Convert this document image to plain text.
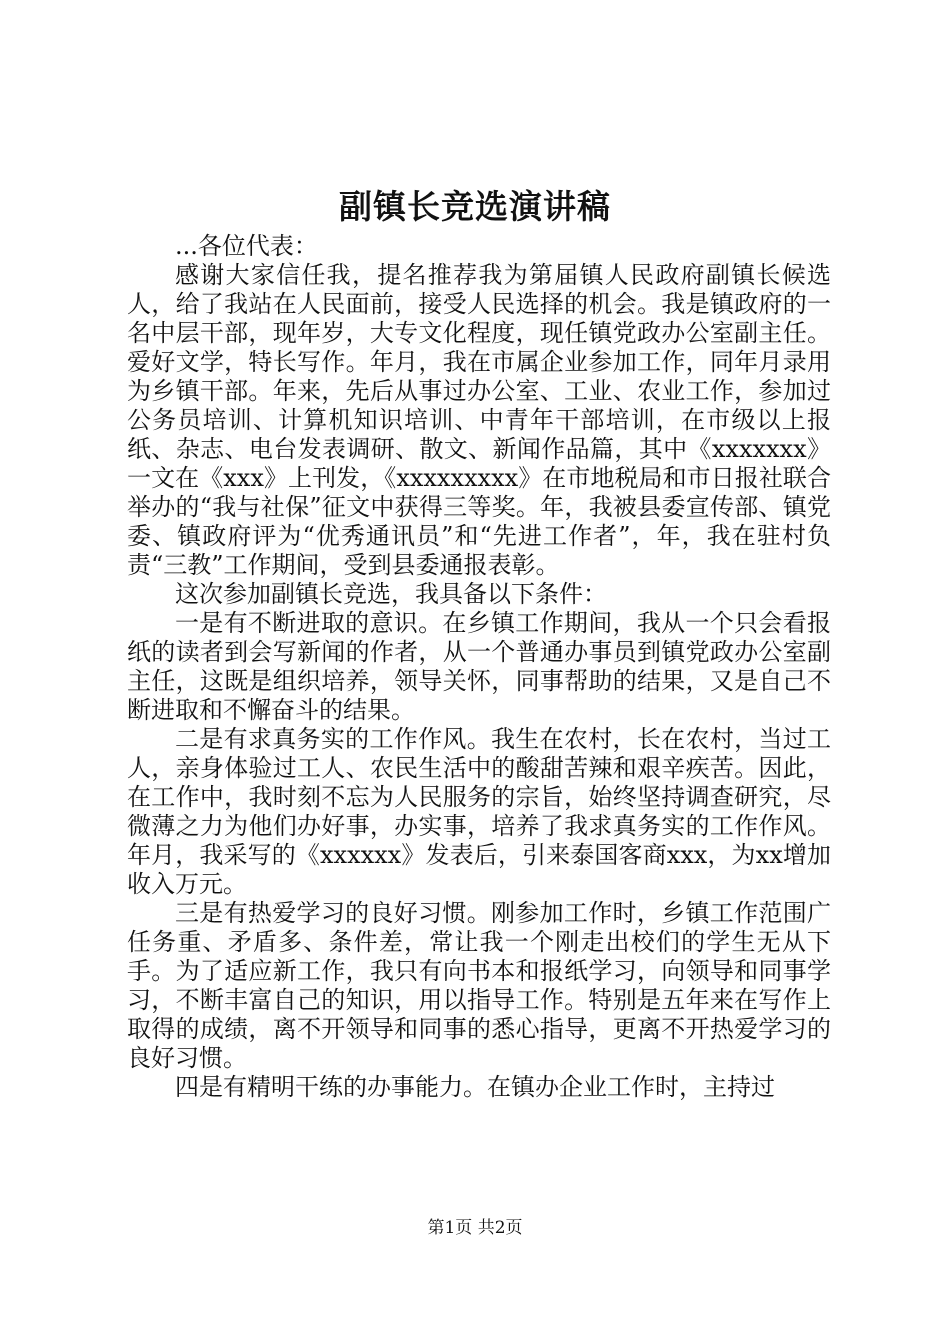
副镇长竞选演讲稿

...各位代表：

感谢大家信任我，提名推荐我为第届镇人民政府副镇长候选人，给了我站在人民面前，接受人民选择的机会。我是镇政府的一名中层干部，现年岁，大专文化程度，现任镇党政办公室副主任。爱好文学，特长写作。年月，我在市属企业参加工作，同年月录用为乡镇干部。年来，先后从事过办公室、工业、农业工作，参加过公务员培训、计算机知识培训、中青年干部培训，在市级以上报纸、杂志、电台发表调研、散文、新闻作品篇，其中《xxxxxxx》一文在《xxx》上刊发，《xxxxxxxxx》在市地税局和市日报社联合举办的“我与社保”征文中获得三等奖。年，我被县委宣传部、镇党委、镇政府评为“优秀通讯员”和“先进工作者”，年，我在驻村负责“三教”工作期间，受到县委通报表彰。

这次参加副镇长竞选，我具备以下条件：

一是有不断进取的意识。在乡镇工作期间，我从一个只会看报纸的读者到会写新闻的作者，从一个普通办事员到镇党政办公室副主任，这既是组织培养，领导关怀，同事帮助的结果，又是自己不断进取和不懈奋斗的结果。

二是有求真务实的工作作风。我生在农村，长在农村，当过工人，亲身体验过工人、农民生活中的酸甜苦辣和艰辛疾苦。因此，在工作中，我时刻不忘为人民服务的宗旨，始终坚持调查研究，尽微薄之力为他们办好事，办实事，培养了我求真务实的工作作风。年月，我采写的《xxxxxx》发表后，引来泰国客商xxx，为xx增加收入万元。

三是有热爱学习的良好习惯。刚参加工作时，乡镇工作范围广任务重、矛盾多、条件差，常让我一个刚走出校们的学生无从下手。为了适应新工作，我只有向书本和报纸学习，向领导和同事学习，不断丰富自己的知识，用以指导工作。特别是五年来在写作上取得的成绩，离不开领导和同事的悉心指导，更离不开热爱学习的良好习惯。

四是有精明干练的办事能力。在镇办企业工作时，主持过

第1页 共2页
